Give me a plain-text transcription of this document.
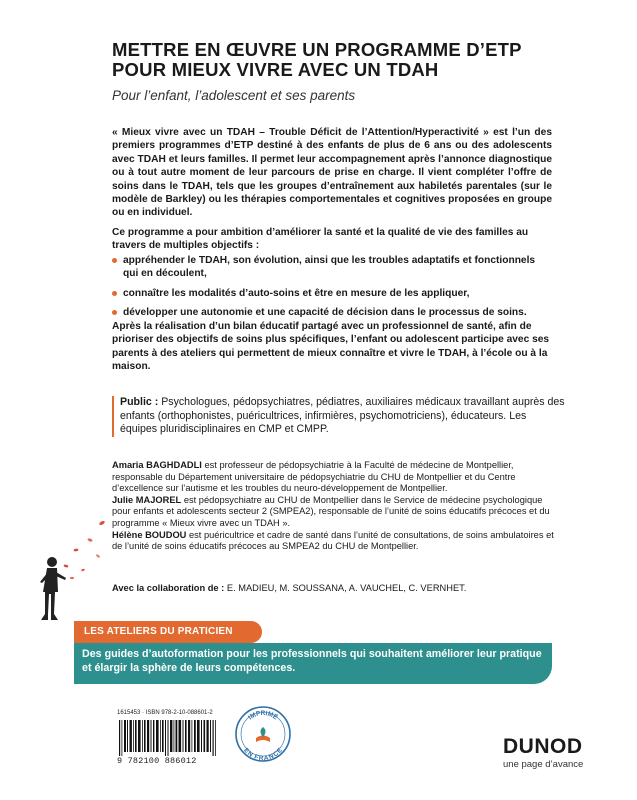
METTRE EN ŒUVRE UN PROGRAMME D’ETP
POUR MIEUX VIVRE AVEC UN TDAH

Pour l’enfant, l’adolescent et ses parents

« Mieux vivre avec un TDAH – Trouble Déficit de l’Attention/Hyperactivité » est l’un des premiers programmes d’ETP destiné à des enfants de plus de 6 ans ou des adolescents avec TDAH et leurs familles. Il permet leur accompagnement après l’annonce diagnostique ou à tout autre moment de leur parcours de prise en charge. Il vient compléter l’offre de soins dans le TDAH, tels que les groupes d’entraînement aux habiletés parentales (sur le modèle de Barkley) ou les thérapies comportementales et cognitives proposées en groupe ou en individuel.

Ce programme a pour ambition d’améliorer la santé et la qualité de vie des familles au travers de multiples objectifs :

appréhender le TDAH, son évolution, ainsi que les troubles adaptatifs et fonctionnels qui en découlent,
connaître les modalités d’auto-soins et être en mesure de les appliquer,
développer une autonomie et une capacité de décision dans le processus de soins.

Après la réalisation d’un bilan éducatif partagé avec un professionnel de santé, afin de prioriser des objectifs de soins plus spécifiques, l’enfant ou adolescent participe avec ses parents à des ateliers qui permettent de mieux connaître et vivre le TDAH, à l’école ou à la maison.

Public : Psychologues, pédopsychiatres, pédiatres, auxiliaires médicaux travaillant auprès des enfants (orthophonistes, puéricultrices, infirmières, psychomotriciens), éducateurs. Les équipes pluridisciplinaires en CMP et CMPP.

Amaria BAGHDADLI est professeur de pédopsychiatrie à la Faculté de médecine de Montpellier, responsable du Département universitaire de pédopsychiatrie du CHU de Montpellier et du Centre d’excellence sur l’autisme et les troubles du neuro-développement de Montpellier.

Julie MAJOREL est pédopsychiatre au CHU de Montpellier dans le Service de médecine psychologique pour enfants et adolescents secteur 2 (SMPEA2), responsable de l’unité de soins éducatifs précoces et du programme « Mieux vivre avec un TDAH ».

Hélène BOUDOU est puéricultrice et cadre de santé dans l’unité de consultations, de soins ambulatoires et de l’unité de soins éducatifs précoces au SMPEA2 du CHU de Montpellier.

Avec la collaboration de : E. MADIEU, M. SOUSSANA, A. VAUCHEL, C. VERNHET.
LES ATELIERS DU PRATICIEN
Des guides d’autoformation pour les professionnels qui souhaitent améliorer leur pratique et élargir la sphère de leurs compétences.
1615453 · ISBN 978-2-10-088601-2
9 782100 886012
IMPRIMÉ
EN FRANCE	DUNOD
une page d’avance
